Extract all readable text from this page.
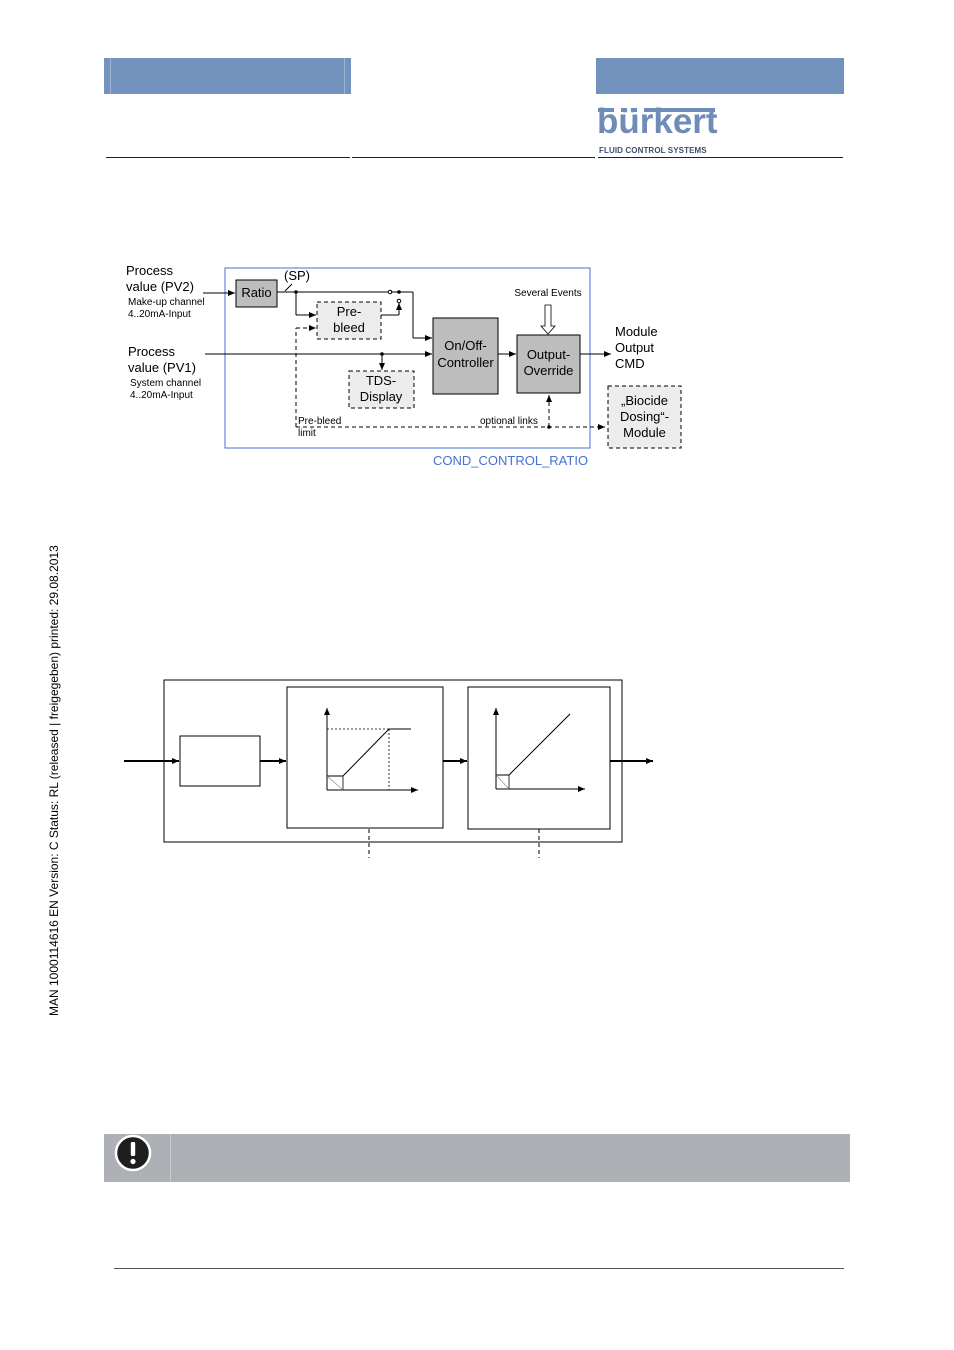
bürkert
FLUID CONTROL SYSTEMS
MAN 1000114616 EN Version: C Status: RL (released | freigegeben) printed: 29.08.2013
Ratio
(SP)
Process
value (PV2)
Make-up channel
4..20mA-Input	Pre-
bleed
Process
value (PV1)
System channel
4..20mA-Input
TDS-
Display
On/Off-
Controller
Several Events
Output-
Override
Module
Output
CMD
„Biocide
Dosing“-
Module
Pre-bleed
limit
optional links
COND_CONTROL_RATIO
